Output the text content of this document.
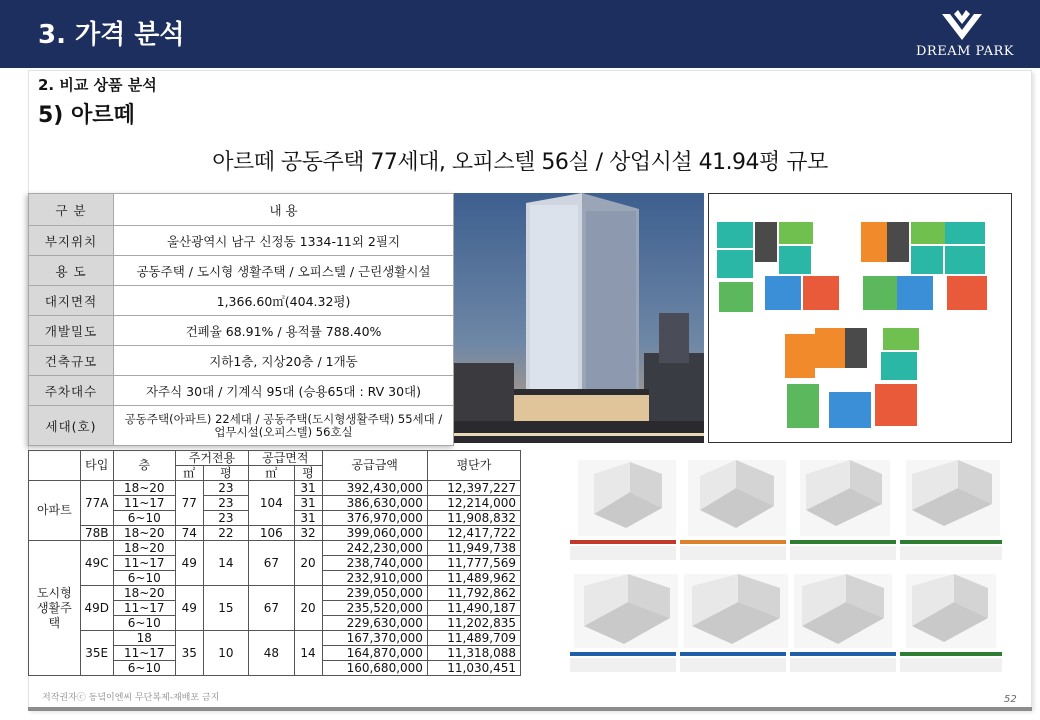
3. 가격 분석
DREAM PARK
2. 비교 상품 분석
5) 아르떼
아르떼 공동주택 77세대, 오피스텔 56실 / 상업시설 41.94평 규모
구 분	내 용
부지위치	울산광역시 남구 신정동 1334-11외 2필지
용 도	공동주택 / 도시형 생활주택 / 오피스텔 / 근린생활시설
대지면적	1,366.60㎡(404.32평)
개발밀도	건폐율 68.91% / 용적률 788.40%
건축규모	지하1층, 지상20층 / 1개동
주차대수	자주식 30대 / 기계식 95대 (승용65대 : RV 30대)
세대(호)	공동주택(아파트) 22세대 / 공동주택(도시형생활주택) 55세대 / 업무시설(오피스텔) 56호실
	타입	층	주거전용		공급면적		공급금액	평단가
			㎡	평	㎡	평		
아파트	77A	18~20	77	23	104	31	392,430,000	12,397,227
		11~17		23		31	386,630,000	12,214,000
		6~10		23		31	376,970,000	11,908,832
	78B	18~20	74	22	106	32	399,060,000	12,417,722
도시형
생활주
택	49C	18~20	49	14	67	20	242,230,000	11,949,738
		11~17					238,740,000	11,777,569
		6~10					232,910,000	11,489,962
	49D	18~20	49	15	67	20	239,050,000	11,792,862
		11~17					235,520,000	11,490,187
		6~10					229,630,000	11,202,835
	35E	18	35	10	48	14	167,370,000	11,489,709
		11~17					164,870,000	11,318,088
		6~10					160,680,000	11,030,451
저작권자ⓒ 동녘이엔씨 무단복제-재배포 금지	52
